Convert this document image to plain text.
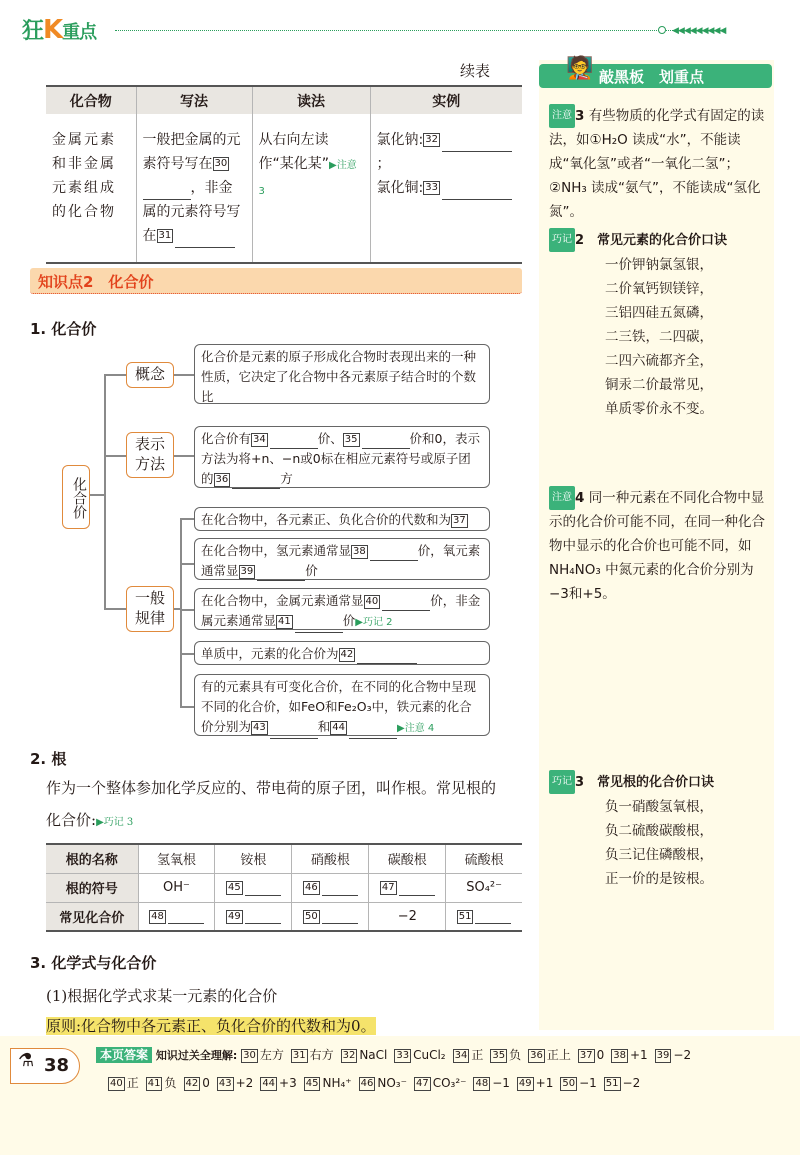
狂K重点	◀◀◀◀◀◀◀◀◀
续表
化合物	写法	读法	实例
金属元素和非金属元素组成的化合物	一般把金属的元素符号写在 30，非金属的元素符号写在 31	从右向左读作“某化某”▶注意 3	氯化钠: 32；
氯化铜: 33
知识点2　化合价
1. 化合价
化合价
概念
表示方法
一般规律
化合价是元素的原子形成化合物时表现出来的一种性质，它决定了化合物中各元素原子结合时的个数比
化合价有 34	价、 35	价和0，表示方法为将+n、−n或0标在相应元素符号或原子团的 36	方
在化合物中，各元素正、负化合价的代数和为 37
在化合物中，氢元素通常显 38	价，氧元素通常显 39	价
在化合物中，金属元素通常显 40	价，非金属元素通常显 41	价▶巧记 2
单质中，元素的化合价为 42
有的元素具有可变化合价，在不同的化合物中呈现不同的化合价，如FeO和Fe₂O₃中，铁元素的化合价分别为 43	和 44	▶注意 4
2. 根
作为一个整体参加化学反应的、带电荷的原子团，叫作根。常见根的
化合价:▶巧记 3
根的名称	氢氧根	铵根	硝酸根	碳酸根	硫酸根
根的符号	OH⁻	45	46	47	SO₄²⁻
常见化合价	48	49	50	−2	51
3. 化学式与化合价
(1)根据化学式求某一元素的化合价
原则:化合物中各元素正、负化合价的代数和为0。
敲黑板　划重点
🧑‍🏫
注意 3 有些物质的化学式有固定的读法，如①H₂O 读成“水”，不能读成“氧化氢”或者“一氧化二氢”；②NH₃ 读成“氨气”，不能读成“氢化氮”。
巧记 2　常见元素的化合价口诀
一价钾钠氯氢银，
二价氧钙钡镁锌，
三铝四硅五氮磷，
二三铁，二四碳，
二四六硫都齐全，
铜汞二价最常见，
单质零价永不变。
注意 4 同一种元素在不同化合物中显示的化合价可能不同，在同一种化合物中显示的化合价也可能不同，如 NH₄NO₃ 中氮元素的化合价分别为−3和+5。
巧记 3　常见根的化合价口诀
负一硝酸氢氧根，
负二硫酸碳酸根，
负三记住磷酸根，
正一价的是铵根。
38
⚗	本页答案 知识过关全理解: 30 左方 31 右方 32 NaCl 33 CuCl₂ 34 正 35 负 36 正上 37 0 38 +1 39 −2
40 正 41 负 42 0 43 +2 44 +3 45 NH₄⁺ 46 NO₃⁻ 47 CO₃²⁻ 48 −1 49 +1 50 −1 51 −2
